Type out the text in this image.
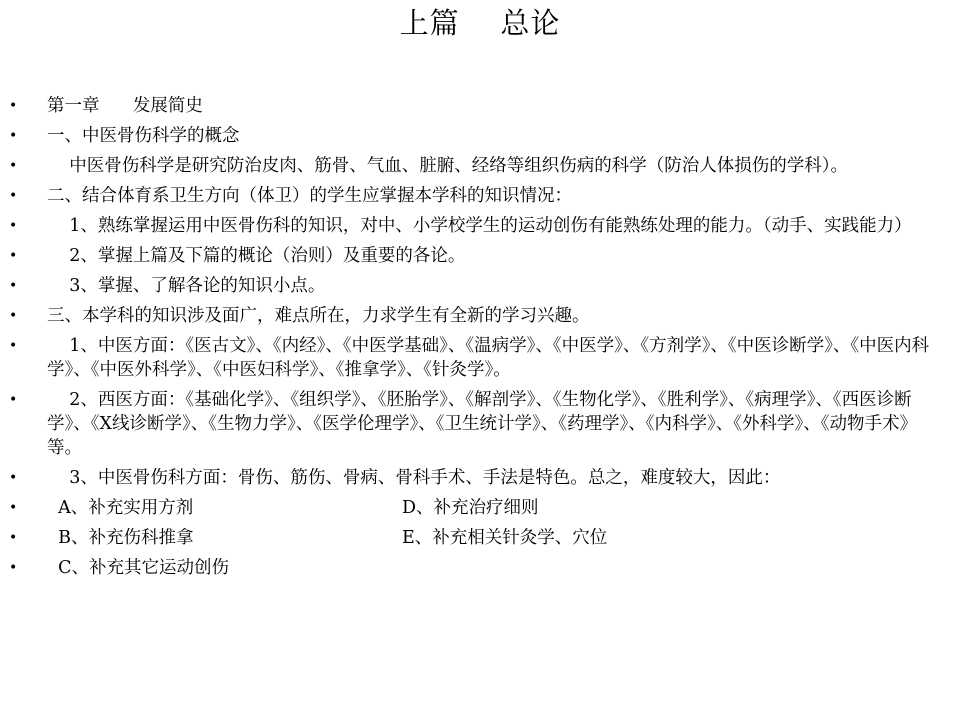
上篇    总论
• 第一章      发展简史
• 一、中医骨伤科学的概念
• 中医骨伤科学是研究防治皮肉、筋骨、气血、脏腑、经络等组织伤病的科学（防治人体损伤的学科）。
• 二、结合体育系卫生方向（体卫）的学生应掌握本学科的知识情况：
• 1、熟练掌握运用中医骨伤科的知识，对中、小学校学生的运动创伤有能熟练处理的能力。（动手、实践能力）
• 2、掌握上篇及下篇的概论（治则）及重要的各论。
• 3、掌握、了解各论的知识小点。
• 三、本学科的知识涉及面广，难点所在，力求学生有全新的学习兴趣。
• 1、中医方面：《医古文》、《内经》、《中医学基础》、《温病学》、《中医学》、《方剂学》、《中医诊断学》、《中医内科学》、《中医外科学》、《中医妇科学》、《推拿学》、《针灸学》。
• 2、西医方面：《基础化学》、《组织学》、《胚胎学》、《解剖学》、《生物化学》、《胜利学》、《病理学》、《西医诊断学》、《X线诊断学》、《生物力学》、《医学伦理学》、《卫生统计学》、《药理学》、《内科学》、《外科学》、《动物手术》等。
• 3、中医骨伤科方面：骨伤、筋伤、骨病、骨科手术、手法是特色。总之，难度较大，因此：
• A、补充实用方剂	D、补充治疗细则
• B、补充伤科推拿	E、补充相关针灸学、穴位
• C、补充其它运动创伤
